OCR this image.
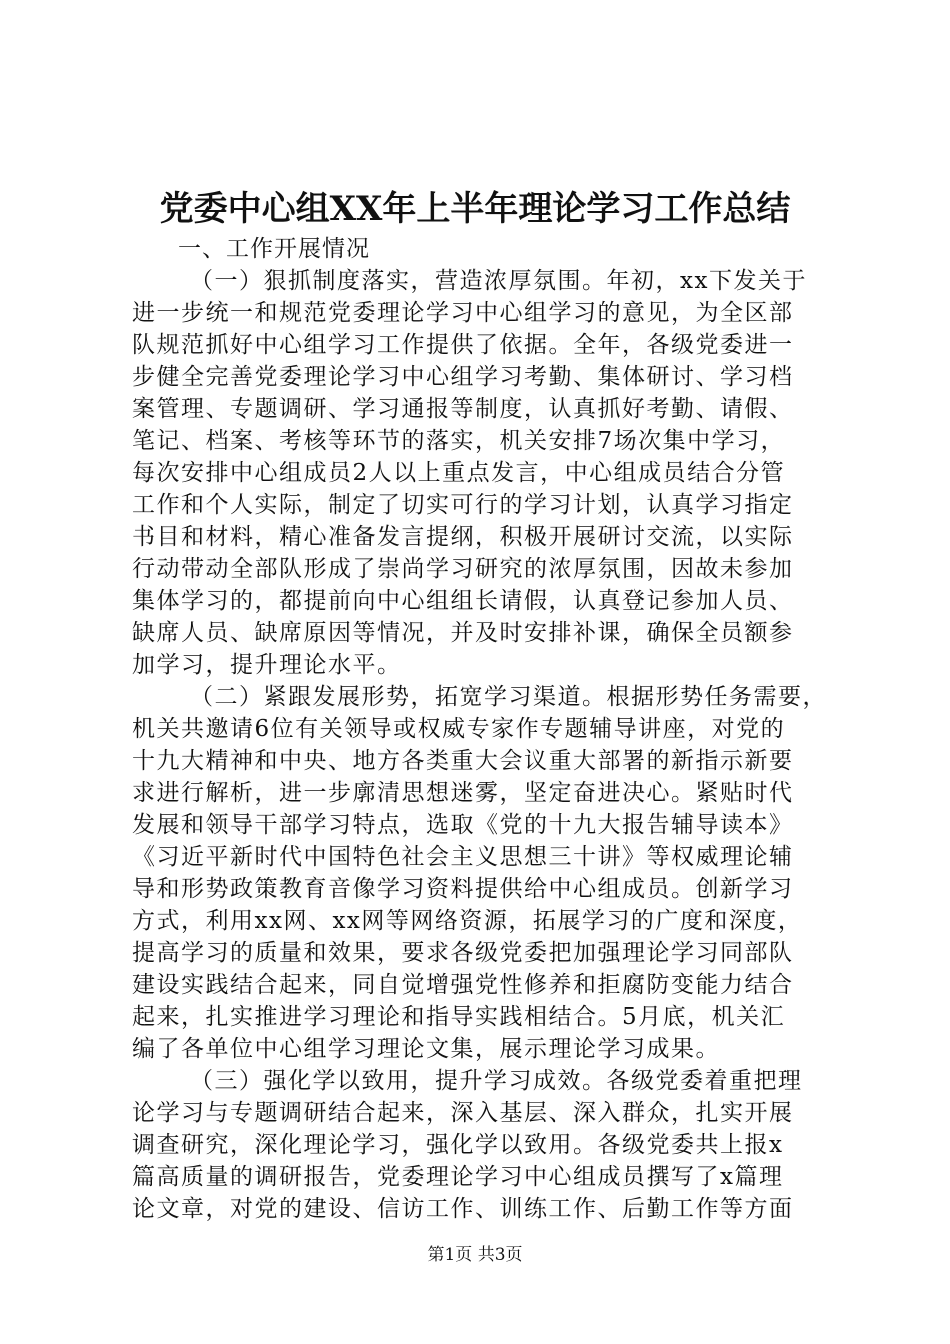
党委中心组XX年上半年理论学习工作总结
一、工作开展情况
（一）狠抓制度落实，营造浓厚氛围。年初，xx下发关于
进一步统一和规范党委理论学习中心组学习的意见，为全区部
队规范抓好中心组学习工作提供了依据。全年，各级党委进一
步健全完善党委理论学习中心组学习考勤、集体研讨、学习档
案管理、专题调研、学习通报等制度，认真抓好考勤、请假、
笔记、档案、考核等环节的落实，机关安排7场次集中学习，
每次安排中心组成员2人以上重点发言，中心组成员结合分管
工作和个人实际，制定了切实可行的学习计划，认真学习指定
书目和材料，精心准备发言提纲，积极开展研讨交流，以实际
行动带动全部队形成了崇尚学习研究的浓厚氛围，因故未参加
集体学习的，都提前向中心组组长请假，认真登记参加人员、
缺席人员、缺席原因等情况，并及时安排补课，确保全员额参
加学习，提升理论水平。
（二）紧跟发展形势，拓宽学习渠道。根据形势任务需要，
机关共邀请6位有关领导或权威专家作专题辅导讲座，对党的
十九大精神和中央、地方各类重大会议重大部署的新指示新要
求进行解析，进一步廓清思想迷雾，坚定奋进决心。紧贴时代
发展和领导干部学习特点，选取《党的十九大报告辅导读本》
《习近平新时代中国特色社会主义思想三十讲》等权威理论辅
导和形势政策教育音像学习资料提供给中心组成员。创新学习
方式，利用xx网、xx网等网络资源，拓展学习的广度和深度，
提高学习的质量和效果，要求各级党委把加强理论学习同部队
建设实践结合起来，同自觉增强党性修养和拒腐防变能力结合
起来，扎实推进学习理论和指导实践相结合。5月底，机关汇
编了各单位中心组学习理论文集，展示理论学习成果。
（三）强化学以致用，提升学习成效。各级党委着重把理
论学习与专题调研结合起来，深入基层、深入群众，扎实开展
调查研究，深化理论学习，强化学以致用。各级党委共上报x
篇高质量的调研报告，党委理论学习中心组成员撰写了x篇理
论文章，对党的建设、信访工作、训练工作、后勤工作等方面
第1页 共3页
